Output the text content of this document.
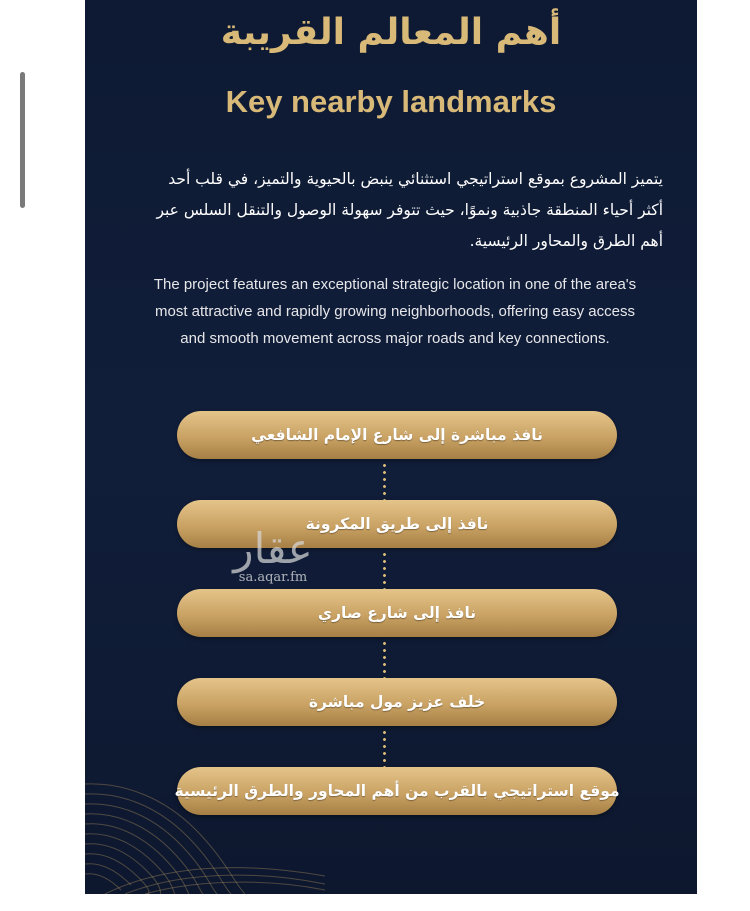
أهم المعالم القريبة
Key nearby landmarks
يتميز المشروع بموقع استراتيجي استثنائي ينبض بالحيوية والتميز، في قلب أحد أكثر أحياء المنطقة جاذبية ونموًا، حيث تتوفر سهولة الوصول والتنقل السلس عبر أهم الطرق والمحاور الرئيسية.
The project features an exceptional strategic location in one of the area's most attractive and rapidly growing neighborhoods, offering easy access and smooth movement across major roads and key connections.
نافذ مباشرة إلى شارع الإمام الشافعي
نافذ إلى طريق المكرونة
نافذ إلى شارع صاري
خلف عزيز مول مباشرة
موقع استراتيجي بالقرب من أهم المحاور والطرق الرئيسية
عقار
sa.aqar.fm
